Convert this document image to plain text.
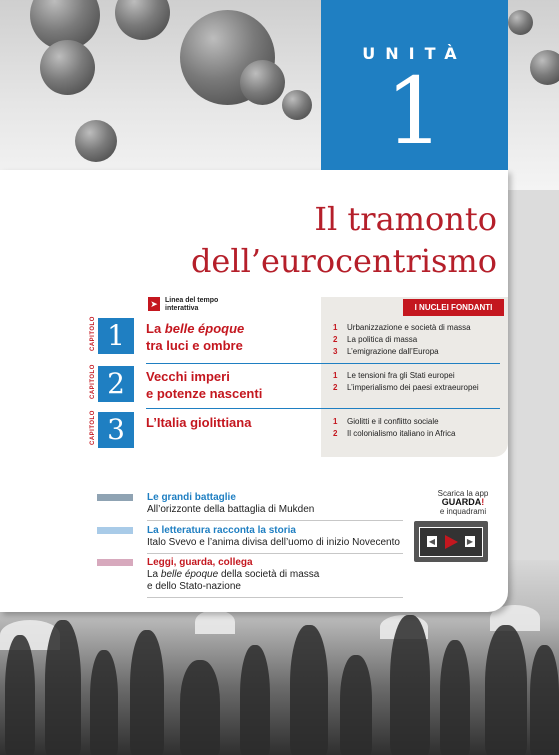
UNITÀ
1
Il tramonto
dell’eurocentrismo
➤	Linea del tempo interattiva	I NUCLEI FONDANTI
CAPITOLO 1	La belle époque
tra luci e ombre
1 Urbanizzazione e società di massa
2 La politica di massa
3 L’emigrazione dall’Europa
CAPITOLO 2	Vecchi imperi
e potenze nascenti
1 Le tensioni fra gli Stati europei
2 L’imperialismo dei paesi extraeuropei
CAPITOLO 3	L’Italia giolittiana	1 Giolitti e il conflitto sociale
2 Il colonialismo italiano in Africa
Le grandi battaglie
All’orizzonte della battaglia di Mukden
La letteratura racconta la storia
Italo Svevo e l’anima divisa dell’uomo di inizio Novecento
Leggi, guarda, collega
La belle époque della società di massa
e dello Stato-nazione
Scarica la app
GUARDA!
e inquadrami
◀	▶
